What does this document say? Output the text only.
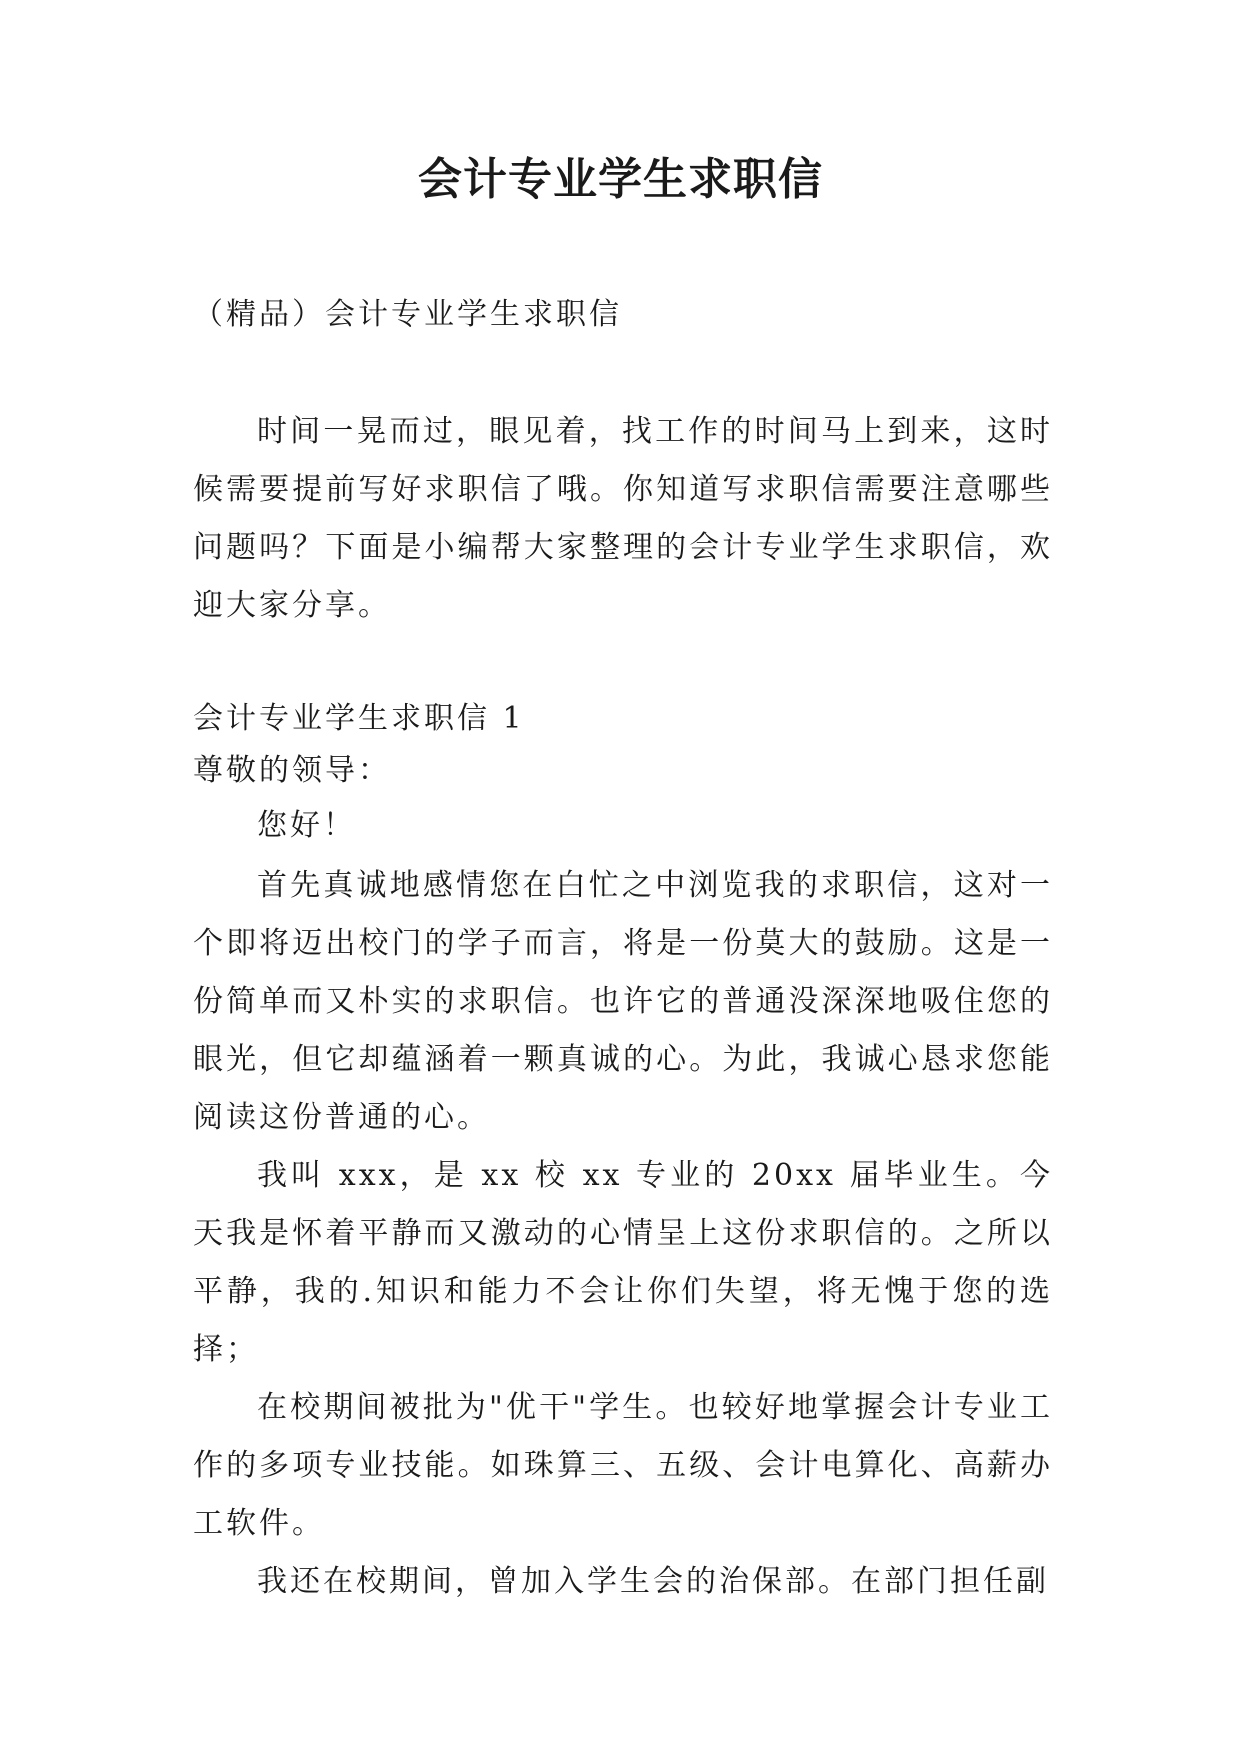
会计专业学生求职信
（精品）会计专业学生求职信

时间一晃而过，眼见着，找工作的时间马上到来，这时候需要提前写好求职信了哦。你知道写求职信需要注意哪些问题吗？下面是小编帮大家整理的会计专业学生求职信，欢迎大家分享。

会计专业学生求职信 1

尊敬的领导：

您好！

首先真诚地感情您在白忙之中浏览我的求职信，这对一个即将迈出校门的学子而言，将是一份莫大的鼓励。这是一份简单而又朴实的求职信。也许它的普通没深深地吸住您的眼光，但它却蕴涵着一颗真诚的心。为此，我诚心恳求您能阅读这份普通的心。

我叫 xxx，是 xx 校 xx 专业的 20xx 届毕业生。今天我是怀着平静而又激动的心情呈上这份求职信的。之所以平静，我的.知识和能力不会让你们失望，将无愧于您的选择；

在校期间被批为"优干"学生。也较好地掌握会计专业工作的多项专业技能。如珠算三、五级、会计电算化、高薪办工软件。

我还在校期间，曾加入学生会的治保部。在部门担任副
